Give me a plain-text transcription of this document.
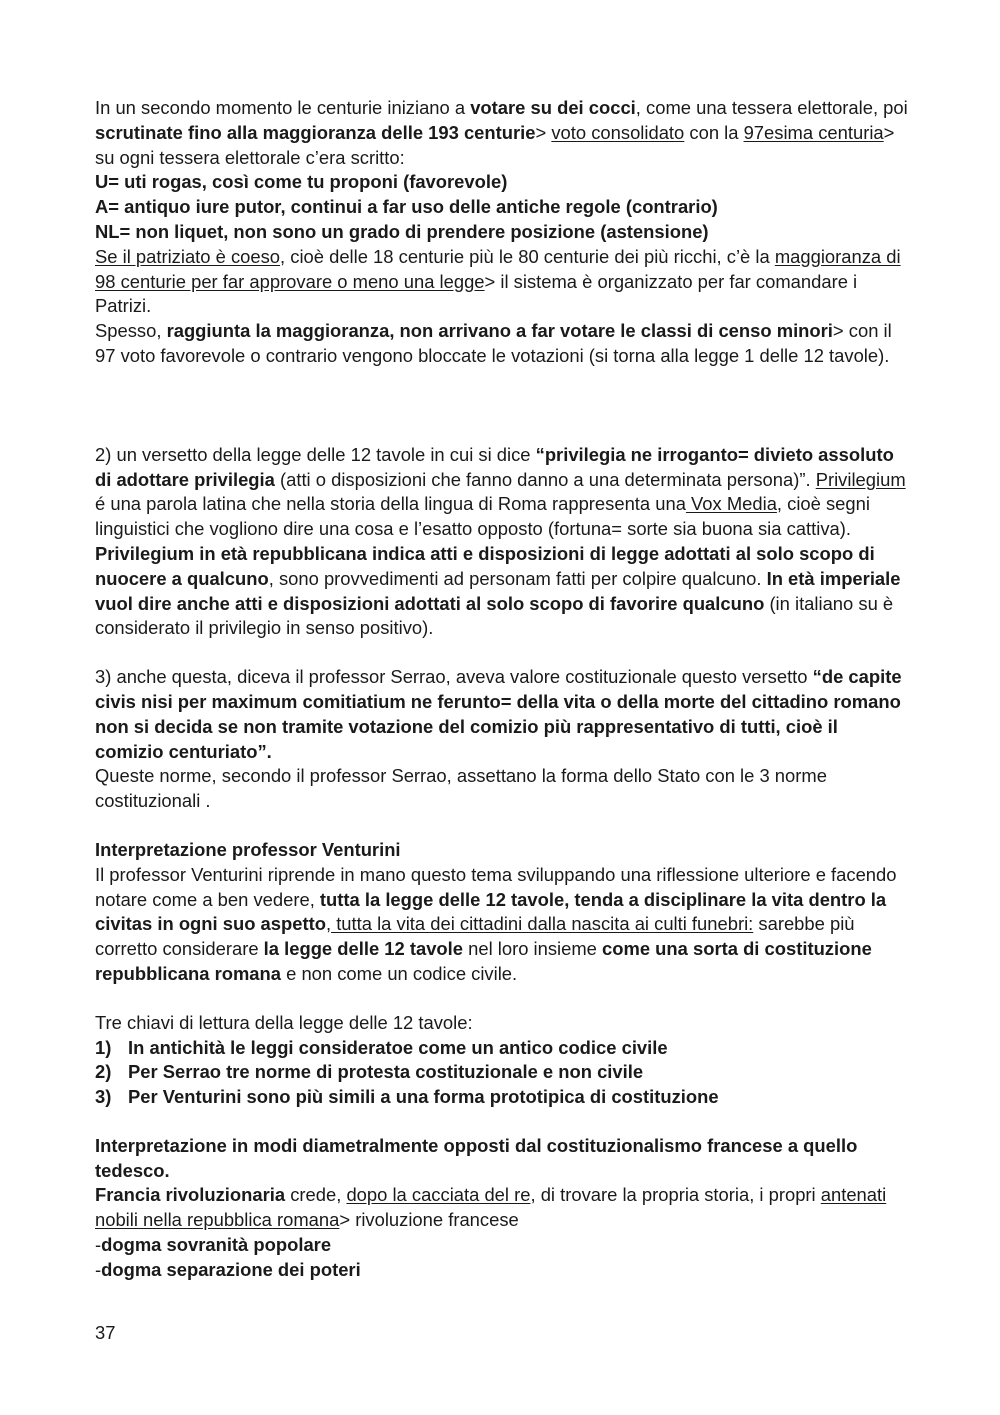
In un secondo momento le centurie iniziano a votare su dei cocci, come una tessera elettorale, poi scrutinate fino alla maggioranza delle 193 centurie> voto consolidato con la 97esima centuria> su ogni tessera elettorale c’era scritto:

U= uti rogas, così come tu proponi (favorevole)

A= antiquo iure putor, continui a far uso delle antiche regole (contrario)

NL= non liquet, non sono un grado di prendere posizione (astensione)

Se il patriziato è coeso, cioè delle 18 centurie più le 80 centurie dei più ricchi, c’è la maggioranza di 98 centurie per far approvare o meno una legge> il sistema è organizzato per far comandare i Patrizi.

Spesso, raggiunta la maggioranza, non arrivano a far votare le classi di censo minori> con il 97 voto favorevole o contrario vengono bloccate le votazioni (si torna alla legge 1 delle 12 tavole).

2) un versetto della legge delle 12 tavole in cui si dice “privilegia ne irroganto= divieto assoluto di adottare privilegia (atti o disposizioni che fanno danno a una determinata persona)”. Privilegium é una parola latina che nella storia della lingua di Roma rappresenta una Vox Media, cioè segni linguistici che vogliono dire una cosa e l’esatto opposto (fortuna= sorte sia buona sia cattiva). Privilegium in età repubblicana indica atti e disposizioni di legge adottati al solo scopo di nuocere a qualcuno, sono provvedimenti ad personam fatti per colpire qualcuno. In età imperiale vuol dire anche atti e disposizioni adottati al solo scopo di favorire qualcuno (in italiano su è considerato il privilegio in senso positivo).

3) anche questa, diceva il professor Serrao, aveva valore costituzionale questo versetto “de capite civis nisi per maximum comitiatium ne ferunto= della vita o della morte del cittadino romano non si decida se non tramite votazione del comizio più rappresentativo di tutti, cioè il comizio centuriato”.

Queste norme, secondo il professor Serrao, assettano la forma dello Stato con le 3 norme costituzionali .

Interpretazione professor Venturini

Il professor Venturini riprende in mano questo tema sviluppando una riflessione ulteriore e facendo notare come a ben vedere, tutta la legge delle 12 tavole, tenda a disciplinare la vita dentro la civitas in ogni suo aspetto, tutta la vita dei cittadini dalla nascita ai culti funebri: sarebbe più corretto considerare la legge delle 12 tavole nel loro insieme come una sorta di costituzione repubblicana romana e non come un codice civile.

Tre chiavi di lettura della legge delle 12 tavole:

1) In antichità le leggi consideratoe come un antico codice civile
2) Per Serrao tre norme di protesta costituzionale e non civile
3) Per Venturini sono più simili a una forma prototipica di costituzione

Interpretazione in modi diametralmente opposti dal costituzionalismo francese a quello tedesco.

Francia rivoluzionaria crede, dopo la cacciata del re, di trovare la propria storia, i propri antenati nobili nella repubblica romana> rivoluzione francese

-dogma sovranità popolare

-dogma separazione dei poteri

37
